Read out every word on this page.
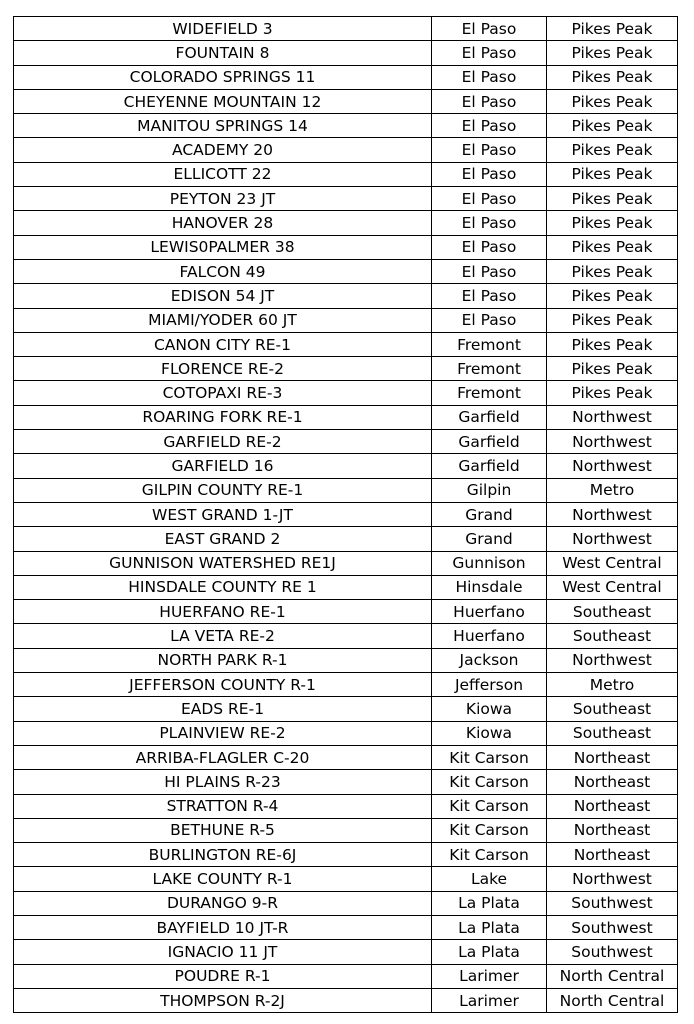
WIDEFIELD 3	El Paso	Pikes Peak
FOUNTAIN 8	El Paso	Pikes Peak
COLORADO SPRINGS 11	El Paso	Pikes Peak
CHEYENNE MOUNTAIN 12	El Paso	Pikes Peak
MANITOU SPRINGS 14	El Paso	Pikes Peak
ACADEMY 20	El Paso	Pikes Peak
ELLICOTT 22	El Paso	Pikes Peak
PEYTON 23 JT	El Paso	Pikes Peak
HANOVER 28	El Paso	Pikes Peak
LEWIS0PALMER 38	El Paso	Pikes Peak
FALCON 49	El Paso	Pikes Peak
EDISON 54 JT	El Paso	Pikes Peak
MIAMI/YODER 60 JT	El Paso	Pikes Peak
CANON CITY RE-1	Fremont	Pikes Peak
FLORENCE RE-2	Fremont	Pikes Peak
COTOPAXI RE-3	Fremont	Pikes Peak
ROARING FORK RE-1	Garfield	Northwest
GARFIELD RE-2	Garfield	Northwest
GARFIELD 16	Garfield	Northwest
GILPIN COUNTY RE-1	Gilpin	Metro
WEST GRAND 1-JT	Grand	Northwest
EAST GRAND 2	Grand	Northwest
GUNNISON WATERSHED RE1J	Gunnison	West Central
HINSDALE COUNTY RE 1	Hinsdale	West Central
HUERFANO RE-1	Huerfano	Southeast
LA VETA RE-2	Huerfano	Southeast
NORTH PARK R-1	Jackson	Northwest
JEFFERSON COUNTY R-1	Jefferson	Metro
EADS RE-1	Kiowa	Southeast
PLAINVIEW RE-2	Kiowa	Southeast
ARRIBA-FLAGLER C-20	Kit Carson	Northeast
HI PLAINS R-23	Kit Carson	Northeast
STRATTON R-4	Kit Carson	Northeast
BETHUNE R-5	Kit Carson	Northeast
BURLINGTON RE-6J	Kit Carson	Northeast
LAKE COUNTY R-1	Lake	Northwest
DURANGO 9-R	La Plata	Southwest
BAYFIELD 10 JT-R	La Plata	Southwest
IGNACIO 11 JT	La Plata	Southwest
POUDRE R-1	Larimer	North Central
THOMPSON R-2J	Larimer	North Central
